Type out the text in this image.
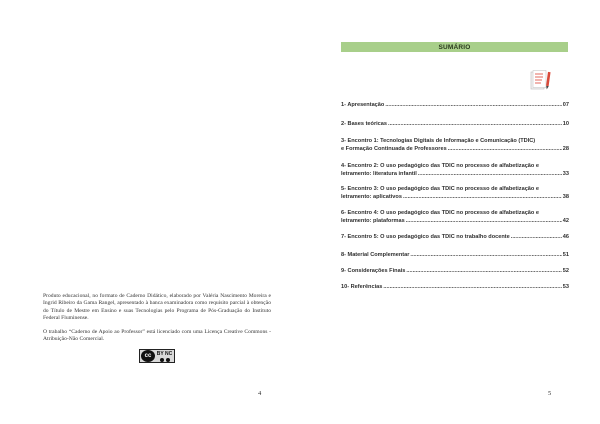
Produto educacional, no formato de Caderno Didático, elaborado por Valéria Nascimento Moreira e Ingrid Ribeiro da Gama Rangel, apresentado à banca examinadora como requisito parcial à obtenção do Título de Mestre em Ensino e suas Tecnologias pelo Programa de Pós-Graduação do Instituto Federal Fluminense.

O trabalho “Caderno de Apoio ao Professor” está licenciado com uma Licença Creative Commons - Atribuição-Não Comercial.

cc	BY NC
4
SUMÁRIO
1- Apresentação .....	07
2- Bases teóricas .....	10
3- Encontro 1: Tecnologias Digitais de Informação e Comunicação (TDIC)
e Formação Continuada de Professores .....	28
4- Encontro 2: O uso pedagógico das TDIC no processo de alfabetização e
letramento: literatura infantil .....	33
5- Encontro 3: O uso pedagógico das TDIC no processo de alfabetização e
letramento: aplicativos .....	38
6- Encontro 4: O uso pedagógico das TDIC no processo de alfabetização e
letramento: plataformas .....	42
7- Encontro 5: O uso pedagógico das TDIC no trabalho docente .....	46
8- Material Complementar .....	51
9- Considerações Finais .....	52
10- Referências .....	53
5
